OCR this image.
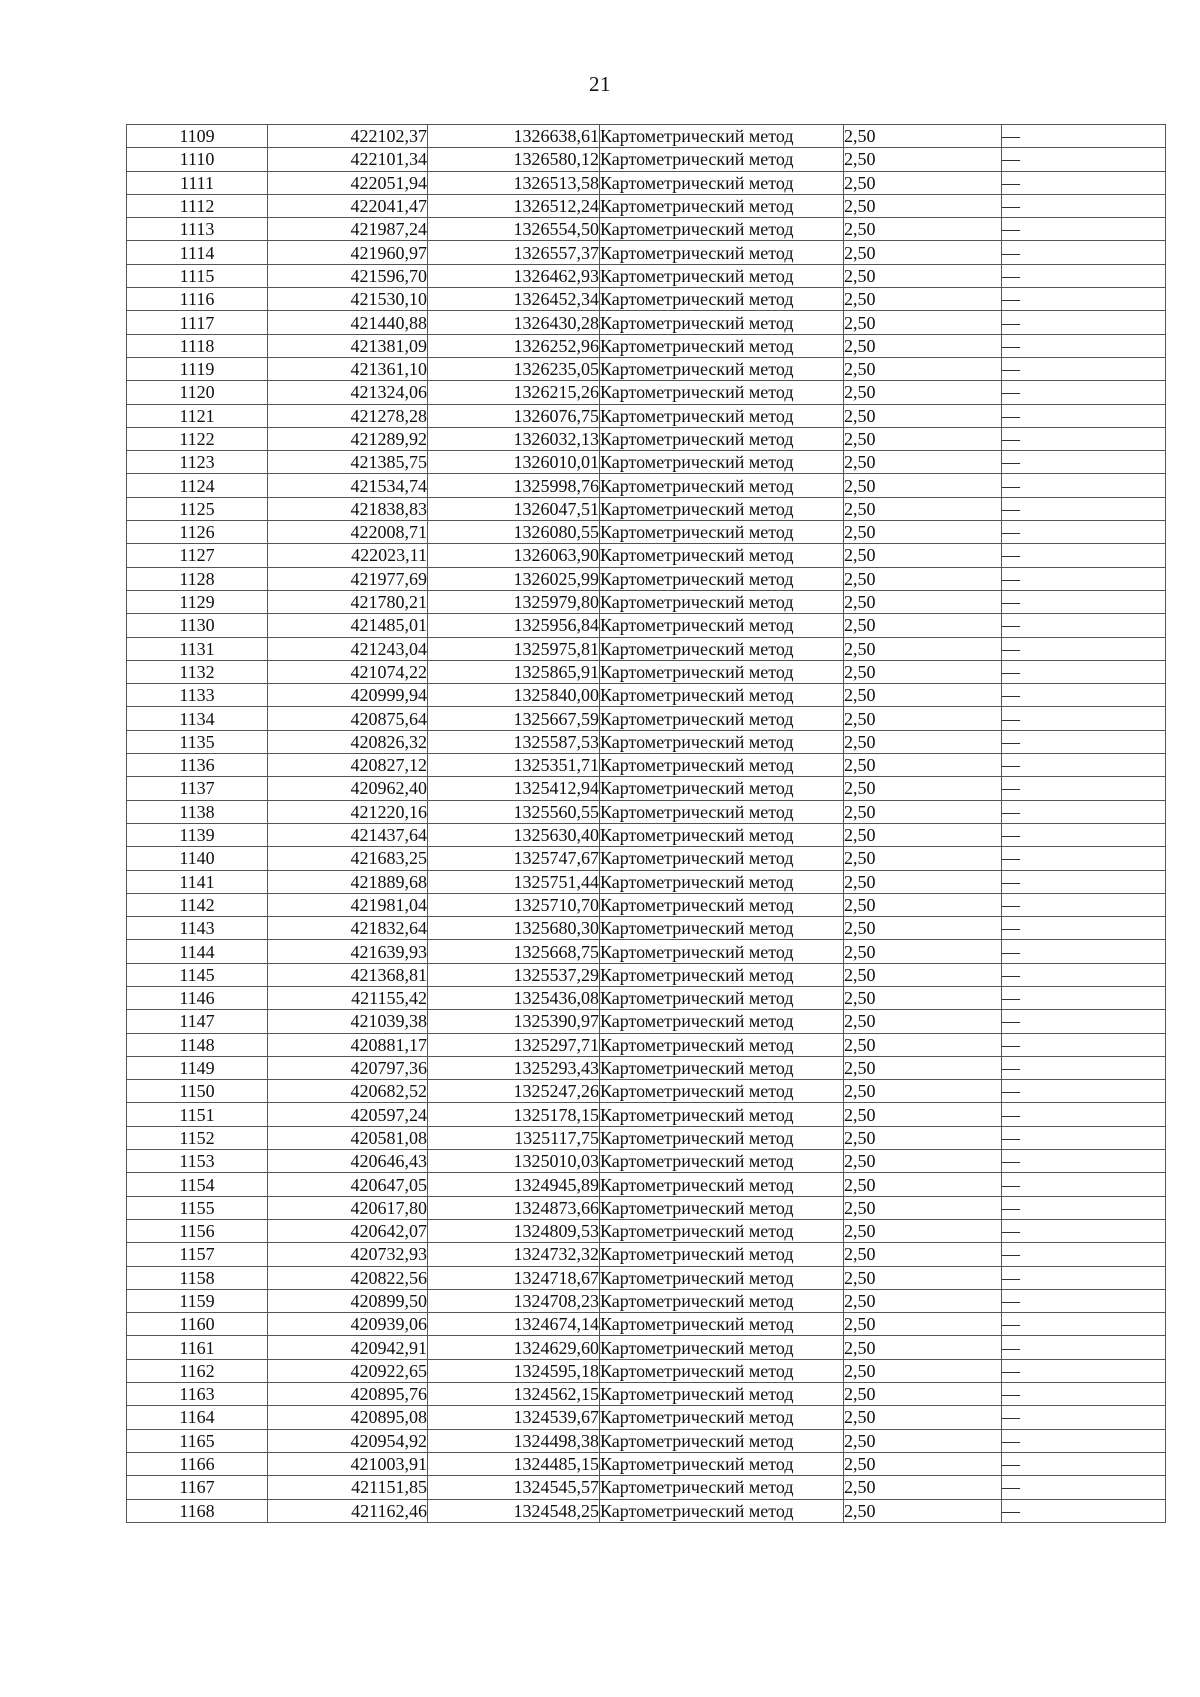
21
1109	422102,37	1326638,61	Картометрический метод	2,50	—
1110	422101,34	1326580,12	Картометрический метод	2,50	—
1111	422051,94	1326513,58	Картометрический метод	2,50	—
1112	422041,47	1326512,24	Картометрический метод	2,50	—
1113	421987,24	1326554,50	Картометрический метод	2,50	—
1114	421960,97	1326557,37	Картометрический метод	2,50	—
1115	421596,70	1326462,93	Картометрический метод	2,50	—
1116	421530,10	1326452,34	Картометрический метод	2,50	—
1117	421440,88	1326430,28	Картометрический метод	2,50	—
1118	421381,09	1326252,96	Картометрический метод	2,50	—
1119	421361,10	1326235,05	Картометрический метод	2,50	—
1120	421324,06	1326215,26	Картометрический метод	2,50	—
1121	421278,28	1326076,75	Картометрический метод	2,50	—
1122	421289,92	1326032,13	Картометрический метод	2,50	—
1123	421385,75	1326010,01	Картометрический метод	2,50	—
1124	421534,74	1325998,76	Картометрический метод	2,50	—
1125	421838,83	1326047,51	Картометрический метод	2,50	—
1126	422008,71	1326080,55	Картометрический метод	2,50	—
1127	422023,11	1326063,90	Картометрический метод	2,50	—
1128	421977,69	1326025,99	Картометрический метод	2,50	—
1129	421780,21	1325979,80	Картометрический метод	2,50	—
1130	421485,01	1325956,84	Картометрический метод	2,50	—
1131	421243,04	1325975,81	Картометрический метод	2,50	—
1132	421074,22	1325865,91	Картометрический метод	2,50	—
1133	420999,94	1325840,00	Картометрический метод	2,50	—
1134	420875,64	1325667,59	Картометрический метод	2,50	—
1135	420826,32	1325587,53	Картометрический метод	2,50	—
1136	420827,12	1325351,71	Картометрический метод	2,50	—
1137	420962,40	1325412,94	Картометрический метод	2,50	—
1138	421220,16	1325560,55	Картометрический метод	2,50	—
1139	421437,64	1325630,40	Картометрический метод	2,50	—
1140	421683,25	1325747,67	Картометрический метод	2,50	—
1141	421889,68	1325751,44	Картометрический метод	2,50	—
1142	421981,04	1325710,70	Картометрический метод	2,50	—
1143	421832,64	1325680,30	Картометрический метод	2,50	—
1144	421639,93	1325668,75	Картометрический метод	2,50	—
1145	421368,81	1325537,29	Картометрический метод	2,50	—
1146	421155,42	1325436,08	Картометрический метод	2,50	—
1147	421039,38	1325390,97	Картометрический метод	2,50	—
1148	420881,17	1325297,71	Картометрический метод	2,50	—
1149	420797,36	1325293,43	Картометрический метод	2,50	—
1150	420682,52	1325247,26	Картометрический метод	2,50	—
1151	420597,24	1325178,15	Картометрический метод	2,50	—
1152	420581,08	1325117,75	Картометрический метод	2,50	—
1153	420646,43	1325010,03	Картометрический метод	2,50	—
1154	420647,05	1324945,89	Картометрический метод	2,50	—
1155	420617,80	1324873,66	Картометрический метод	2,50	—
1156	420642,07	1324809,53	Картометрический метод	2,50	—
1157	420732,93	1324732,32	Картометрический метод	2,50	—
1158	420822,56	1324718,67	Картометрический метод	2,50	—
1159	420899,50	1324708,23	Картометрический метод	2,50	—
1160	420939,06	1324674,14	Картометрический метод	2,50	—
1161	420942,91	1324629,60	Картометрический метод	2,50	—
1162	420922,65	1324595,18	Картометрический метод	2,50	—
1163	420895,76	1324562,15	Картометрический метод	2,50	—
1164	420895,08	1324539,67	Картометрический метод	2,50	—
1165	420954,92	1324498,38	Картометрический метод	2,50	—
1166	421003,91	1324485,15	Картометрический метод	2,50	—
1167	421151,85	1324545,57	Картометрический метод	2,50	—
1168	421162,46	1324548,25	Картометрический метод	2,50	—
